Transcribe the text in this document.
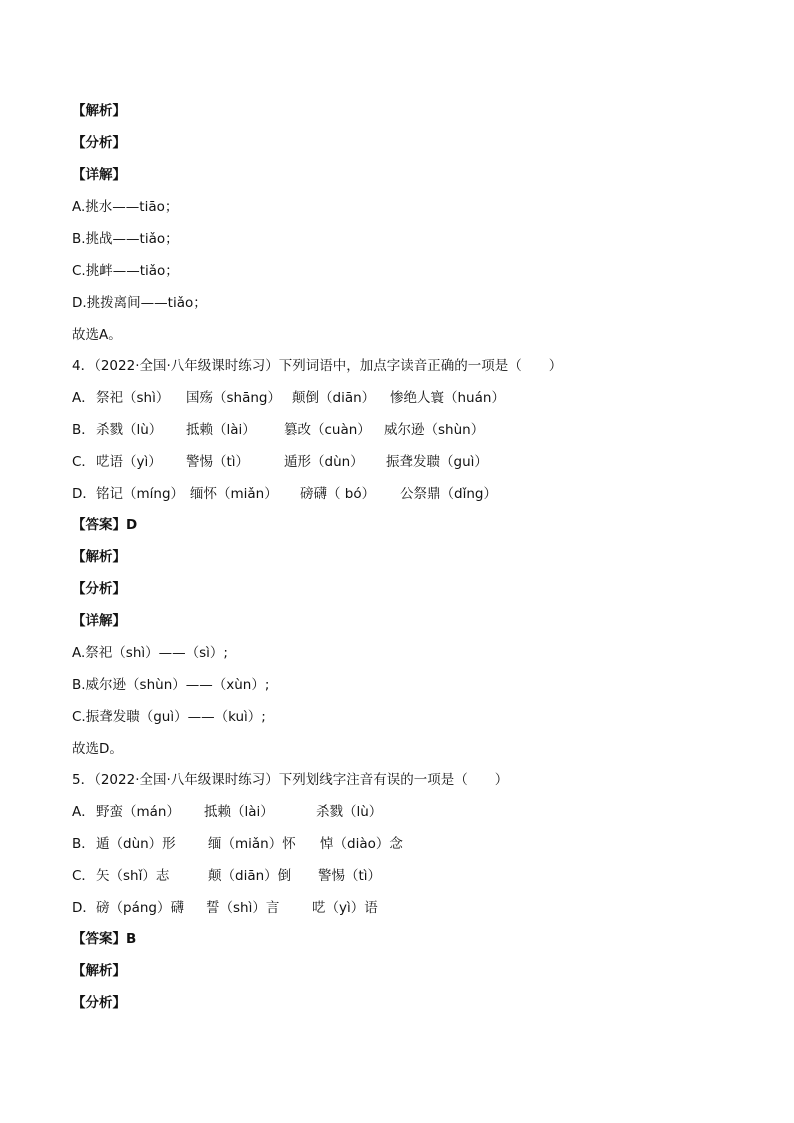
【解析】
【分析】
【详解】
A.挑水——tiāo；
B.挑战——tiǎo；
C.挑衅——tiǎo；
D.挑拨离间——tiǎo；
故选A。
4．（2022·全国·八年级课时练习）下列词语中，加点字读音正确的一项是（　　）
A． 祭祀（shì） 国殇（shāng） 颠倒（diān） 惨绝人寰（huán）
B． 杀戮（lù） 抵赖（lài） 篡改（cuàn） 威尔逊（shùn）
C． 呓语（yì） 警惕（tì）	遁形（dùn） 振聋发聩（guì）
D． 铭记（míng） 缅怀（miǎn） 磅礴（ bó） 公祭鼎（dǐng）
【答案】D
【解析】
【分析】
【详解】
A.祭祀（shì）——（sì）;
B.威尔逊（shùn）——（xùn）;
C.振聋发聩（guì）——（kuì）;
故选D。
5．（2022·全国·八年级课时练习）下列划线字注音有误的一项是（　　）
A． 野蛮（mán） 抵赖（lài）	杀戮（lù）
B． 遁（dùn）形 缅（miǎn）怀 悼（diào）念
C． 矢（shǐ）志	颠（diān）倒 警惕（tì）
D． 磅（páng）礴 誓（shì）言 呓（yì）语
【答案】B
【解析】
【分析】
